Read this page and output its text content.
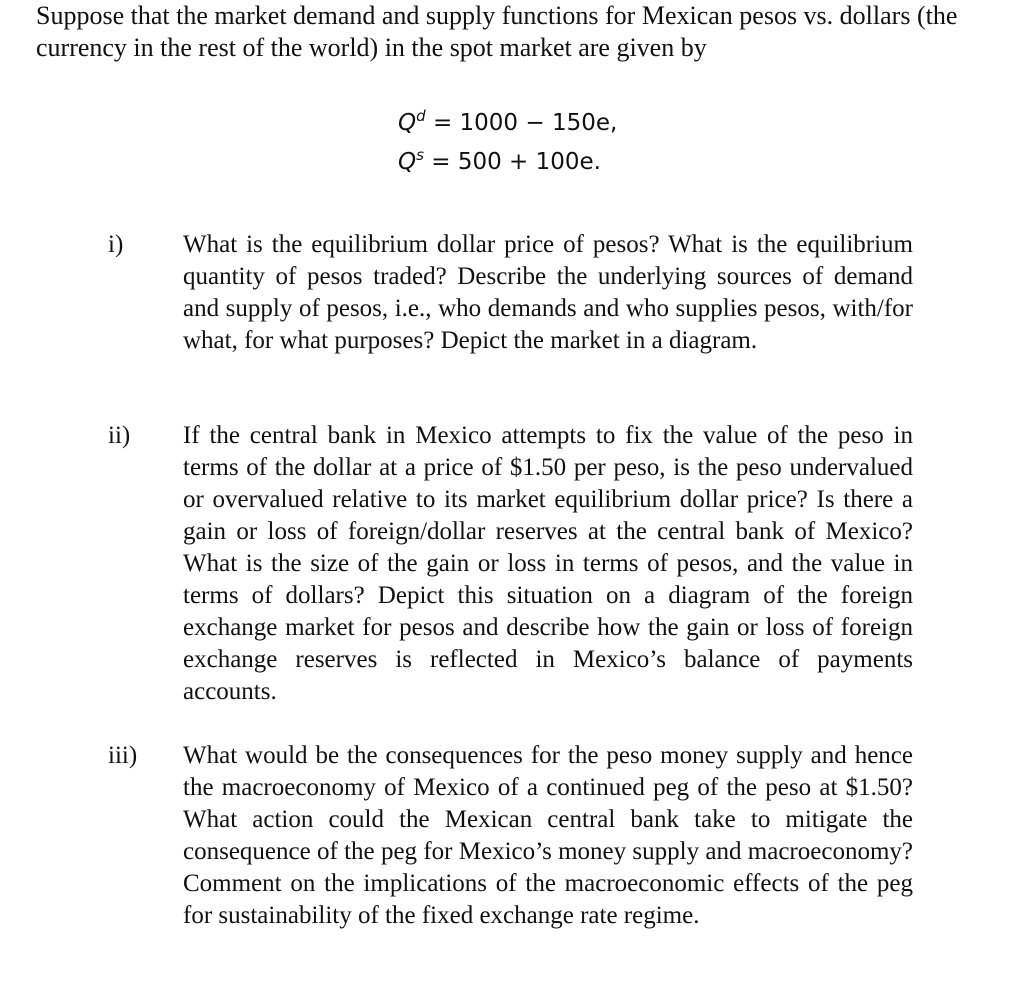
Suppose that the market demand and supply functions for Mexican pesos vs. dollars (the currency in the rest of the world) in the spot market are given by

$Q^d = 1000 - 150e$,
$Q^s = 500 + 100e$.
i) What is the equilibrium dollar price of pesos? What is the equilibrium quantity of pesos traded? Describe the underlying sources of demand and supply of pesos, i.e., who demands and who supplies pesos, with/for what, for what purposes? Depict the market in a diagram.

ii) If the central bank in Mexico attempts to fix the value of the peso in terms of the dollar at a price of $1.50 per peso, is the peso undervalued or overvalued relative to its market equilibrium dollar price? Is there a gain or loss of foreign/dollar reserves at the central bank of Mexico? What is the size of the gain or loss in terms of pesos, and the value in terms of dollars? Depict this situation on a diagram of the foreign exchange market for pesos and describe how the gain or loss of foreign exchange reserves is reflected in Mexico’s balance of payments accounts.

iii) What would be the consequences for the peso money supply and hence the macroeconomy of Mexico of a continued peg of the peso at $1.50? What action could the Mexican central bank take to mitigate the consequence of the peg for Mexico’s money supply and macroeconomy? Comment on the implications of the macroeconomic effects of the peg for sustainability of the fixed exchange rate regime.
